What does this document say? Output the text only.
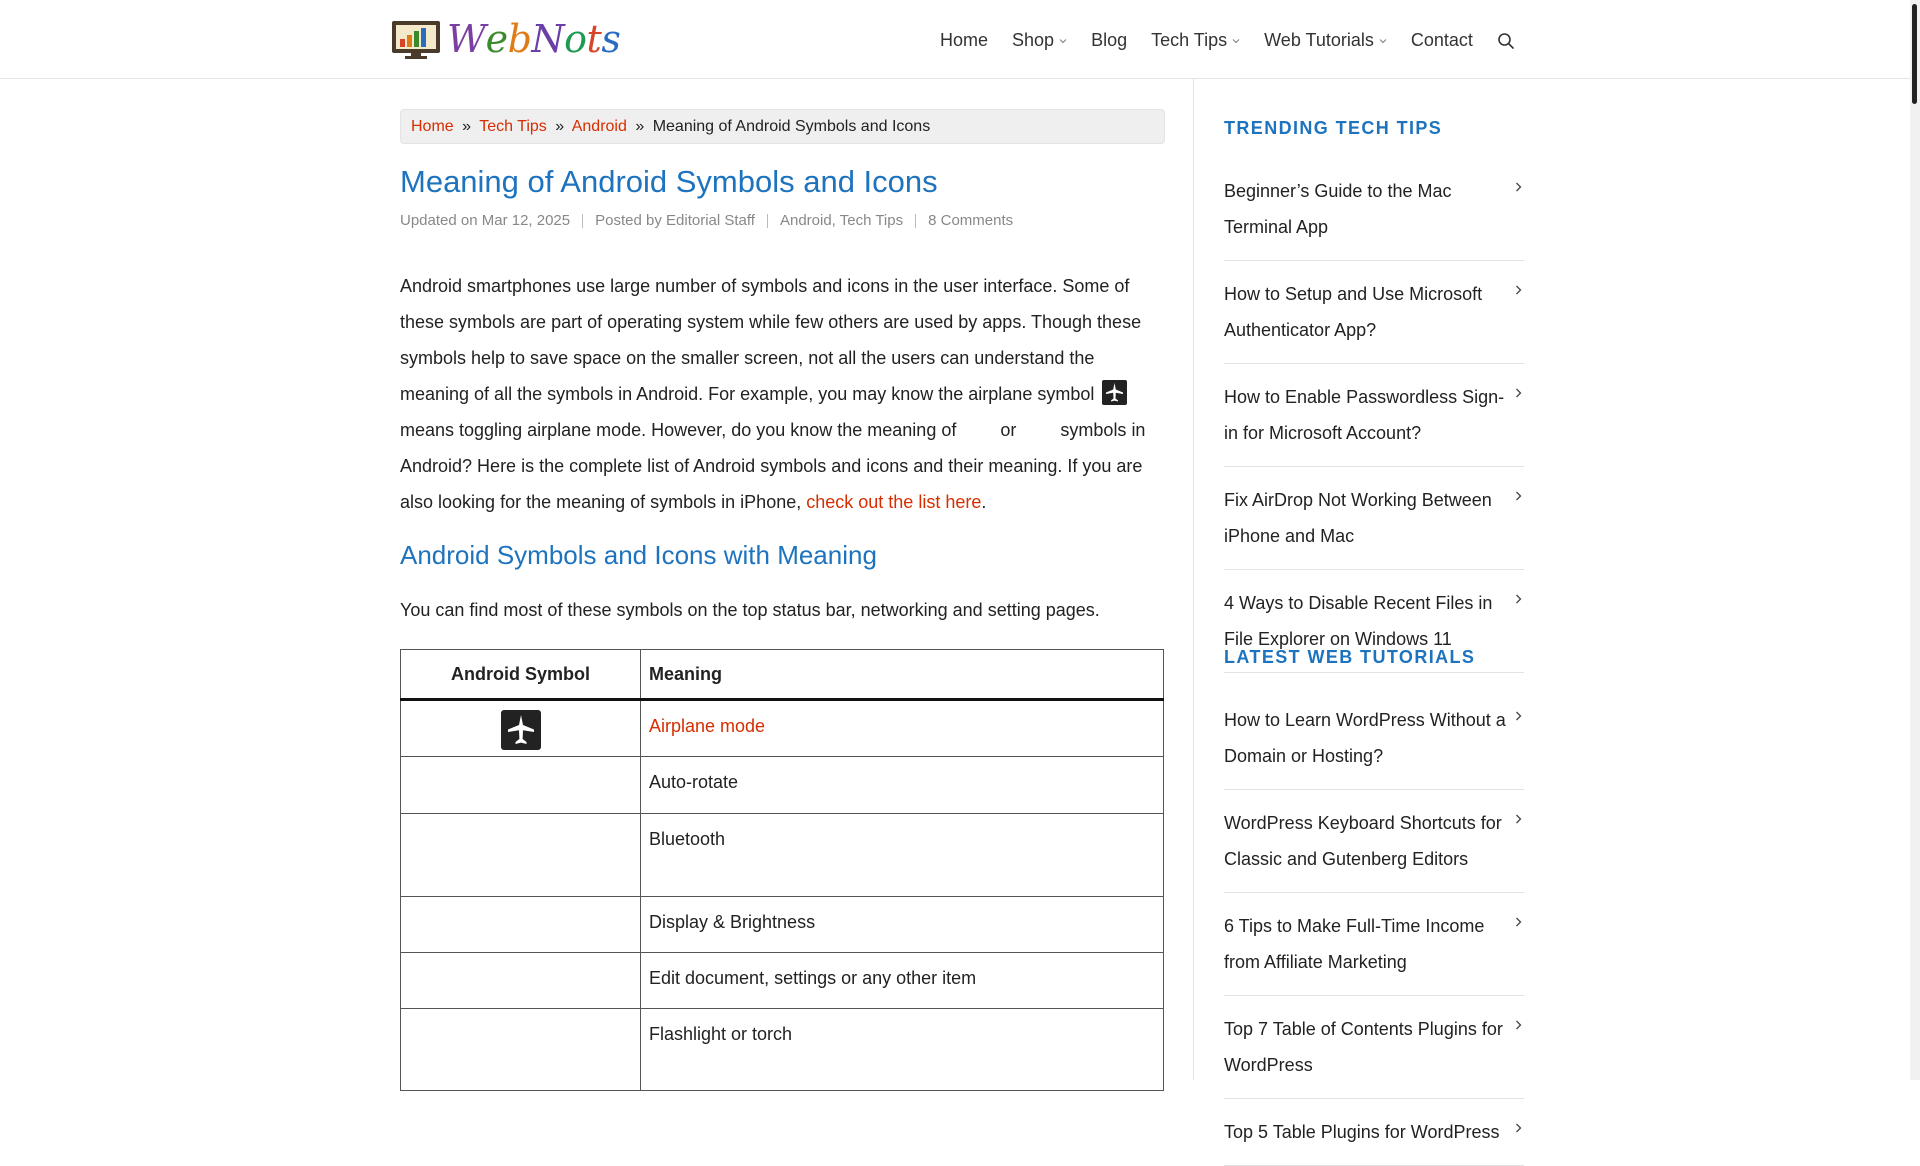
WebNots	Home Shop Blog Tech Tips Web Tutorials Contact
Home » Tech Tips » Android » Meaning of Android Symbols and Icons
Meaning of Android Symbols and Icons
Updated on Mar 12, 2025 Posted by
Editorial Staff Android, Tech Tips 8 Comments

Android smartphones use large number of symbols and icons in the user interface. Some of these symbols are part of operating system while few others are used by apps. Though these symbols help to save space on the smaller screen, not all the users can understand the meaning of all the symbols in Android. For example, you may know the airplane symbol  means toggling airplane mode. However, do you know the meaning of or symbols in Android? Here is the complete list of Android symbols and icons and their meaning. If you are also looking for the meaning of symbols in iPhone, check out the list here.

Android Symbols and Icons with Meaning

You can find most of these symbols on the top status bar, networking and setting pages.

Android Symbol	Meaning
	Airplane mode
	Auto-rotate
	Bluetooth
	Display & Brightness
	Edit document, settings or any other item
	Flashlight or torch
TRENDING TECH TIPS
Beginner’s Guide to the Mac Terminal App
How to Setup and Use Microsoft Authenticator App?
How to Enable Passwordless Sign-in for Microsoft Account?
Fix AirDrop Not Working Between iPhone and Mac
4 Ways to Disable Recent Files in File Explorer on Windows 11
LATEST WEB TUTORIALS
How to Learn WordPress Without a Domain or Hosting?
WordPress Keyboard Shortcuts for Classic and Gutenberg Editors
6 Tips to Make Full-Time Income from Affiliate Marketing
Top 7 Table of Contents Plugins for WordPress
Top 5 Table Plugins for WordPress
